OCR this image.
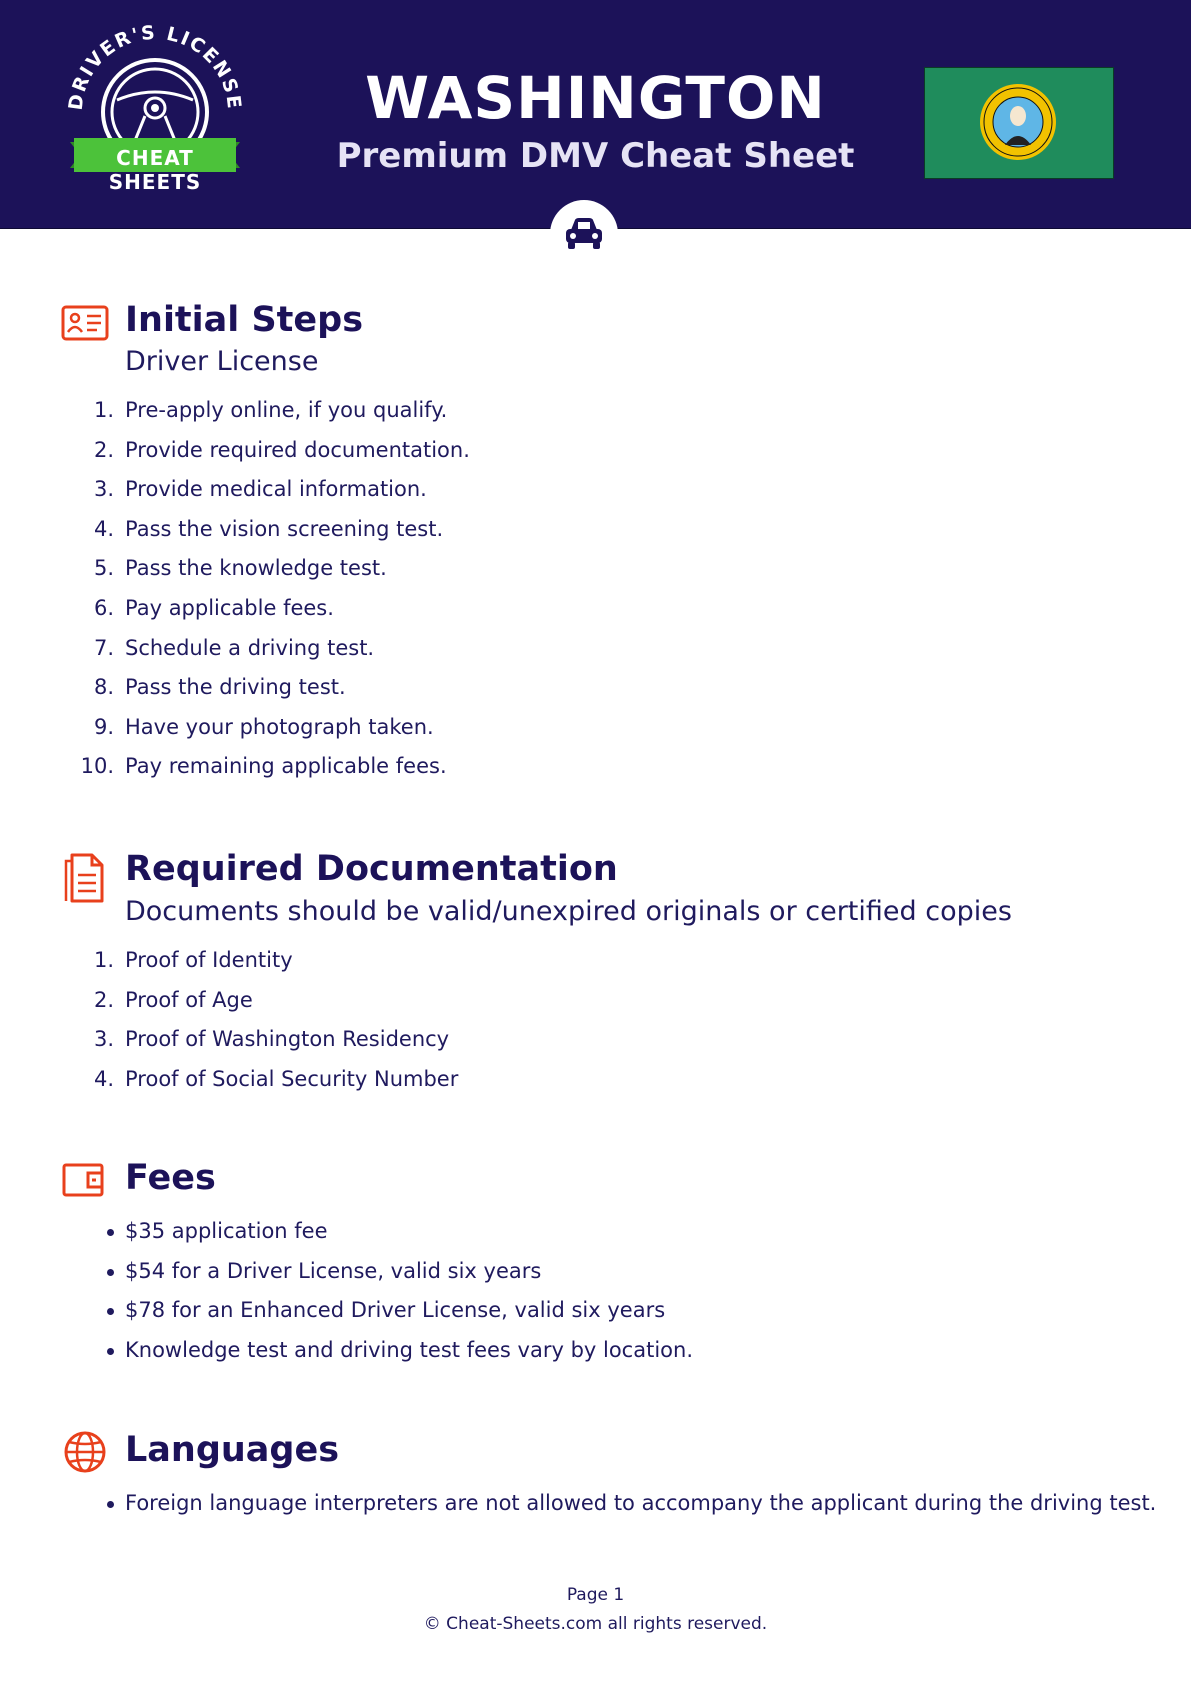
DRIVER'S LICENSE
CHEAT SHEETS
WASHINGTON
Premium DMV Cheat Sheet
Initial Steps
Driver License
1. Pre-apply online, if you qualify.
2. Provide required documentation.
3. Provide medical information.
4. Pass the vision screening test.
5. Pass the knowledge test.
6. Pay applicable fees.
7. Schedule a driving test.
8. Pass the driving test.
9. Have your photograph taken.
10. Pay remaining applicable fees.
Required Documentation
Documents should be valid/unexpired originals or certified copies
1. Proof of Identity
2. Proof of Age
3. Proof of Washington Residency
4. Proof of Social Security Number
Fees
$35 application fee
$54 for a Driver License, valid six years
$78 for an Enhanced Driver License, valid six years
Knowledge test and driving test fees vary by location.
Languages
Foreign language interpreters are not allowed to accompany the applicant during the driving test.
Page 1
© Cheat-Sheets.com all rights reserved.
